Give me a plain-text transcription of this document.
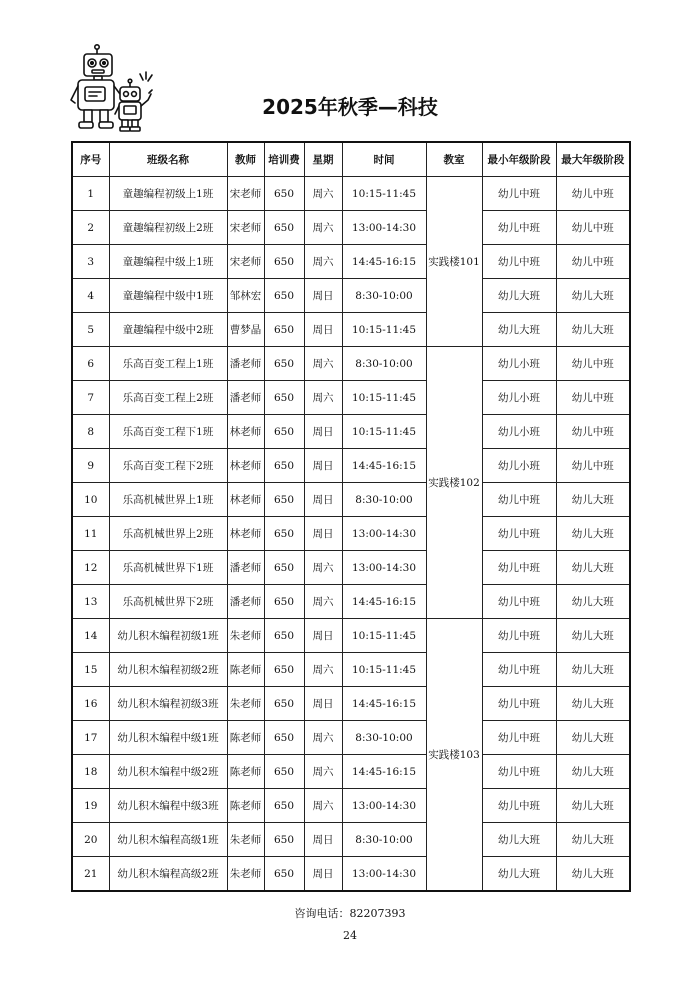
2025年秋季—科技
序号	班级名称	教师	培训费	星期	时间	教室	最小年级阶段	最大年级阶段
1	童趣编程初级上1班	宋老师	650	周六	10:15-11:45	实践楼101	幼儿中班	幼儿中班
2	童趣编程初级上2班	宋老师	650	周六	13:00-14:30		幼儿中班	幼儿中班
3	童趣编程中级上1班	宋老师	650	周六	14:45-16:15		幼儿中班	幼儿中班
4	童趣编程中级中1班	邹林宏	650	周日	8:30-10:00		幼儿大班	幼儿大班
5	童趣编程中级中2班	曹梦晶	650	周日	10:15-11:45		幼儿大班	幼儿大班
6	乐高百变工程上1班	潘老师	650	周六	8:30-10:00	实践楼102	幼儿小班	幼儿中班
7	乐高百变工程上2班	潘老师	650	周六	10:15-11:45		幼儿小班	幼儿中班
8	乐高百变工程下1班	林老师	650	周日	10:15-11:45		幼儿小班	幼儿中班
9	乐高百变工程下2班	林老师	650	周日	14:45-16:15		幼儿小班	幼儿中班
10	乐高机械世界上1班	林老师	650	周日	8:30-10:00		幼儿中班	幼儿大班
11	乐高机械世界上2班	林老师	650	周日	13:00-14:30		幼儿中班	幼儿大班
12	乐高机械世界下1班	潘老师	650	周六	13:00-14:30		幼儿中班	幼儿大班
13	乐高机械世界下2班	潘老师	650	周六	14:45-16:15		幼儿中班	幼儿大班
14	幼儿积木编程初级1班	朱老师	650	周日	10:15-11:45	实践楼103	幼儿中班	幼儿大班
15	幼儿积木编程初级2班	陈老师	650	周六	10:15-11:45		幼儿中班	幼儿大班
16	幼儿积木编程初级3班	朱老师	650	周日	14:45-16:15		幼儿中班	幼儿大班
17	幼儿积木编程中级1班	陈老师	650	周六	8:30-10:00		幼儿中班	幼儿大班
18	幼儿积木编程中级2班	陈老师	650	周六	14:45-16:15		幼儿中班	幼儿大班
19	幼儿积木编程中级3班	陈老师	650	周六	13:00-14:30		幼儿中班	幼儿大班
20	幼儿积木编程高级1班	朱老师	650	周日	8:30-10:00		幼儿大班	幼儿大班
21	幼儿积木编程高级2班	朱老师	650	周日	13:00-14:30		幼儿大班	幼儿大班
咨询电话：82207393
24
